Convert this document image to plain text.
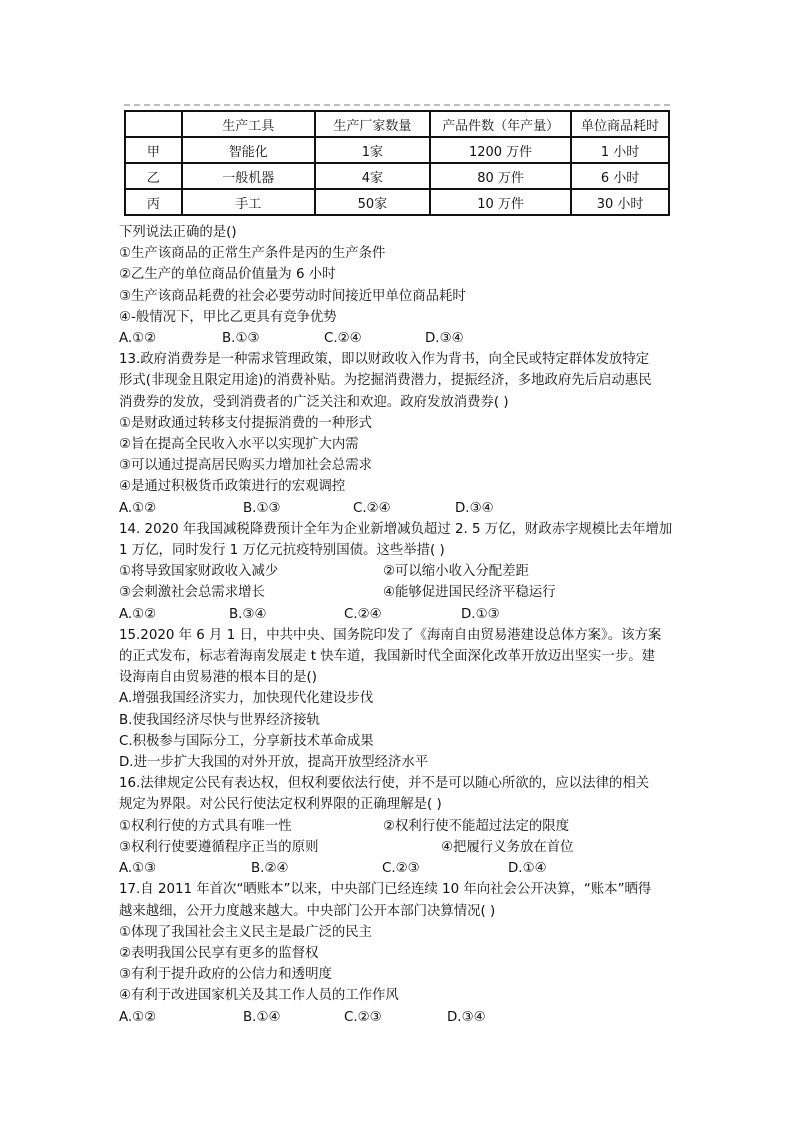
	生产工具	生产厂家数量	产品件数（年产量）	单位商品耗时
甲	智能化	1家	1200 万件	1 小时
乙	一般机器	4家	80 万件	6 小时
丙	手工	50家	10 万件	30 小时
下列说法正确的是()
①生产该商品的正常生产条件是丙的生产条件
②乙生产的单位商品价值量为 6 小时
③生产该商品耗费的社会必要劳动时间接近甲单位商品耗时
④-般情况下，甲比乙更具有竞争优势
A.①②	B.①③	C.②④	D.③④
13.政府消费券是一种需求管理政策，即以财政收入作为背书，向全民或特定群体发放特定
形式(非现金且限定用途)的消费补贴。为挖掘消费潜力，提振经济，多地政府先后启动惠民
消费券的发放，受到消费者的广泛关注和欢迎。政府发放消费券( )
①是财政通过转移支付提振消费的一种形式
②旨在提高全民收入水平以实现扩大内需
③可以通过提高居民购买力增加社会总需求
④是通过积极货币政策进行的宏观调控
A.①②	B.①③	C.②④	D.③④
14. 2020 年我国减税降费预计全年为企业新增减负超过 2. 5 万亿，财政赤字规模比去年增加
1 万亿，同时发行 1 万亿元抗疫特别国债。这些举措( )
①将导致国家财政收入减少	②可以缩小收入分配差距
③会刺激社会总需求增长	④能够促进国民经济平稳运行
A.①②	B.③④	C.②④	D.①③
15.2020 年 6 月 1 日，中共中央、国务院印发了《海南自由贸易港建设总体方案》。该方案
的正式发布，标志着海南发展走 t 快车道，我国新时代全面深化改革开放迈出坚实一步。建
设海南自由贸易港的根本目的是()
A.增强我国经济实力，加快现代化建设步伐
B.使我国经济尽快与世界经济接轨
C.积极参与国际分工，分享新技术革命成果
D.进一步扩大我国的对外开放，提高开放型经济水平
16.法律规定公民有表达权，但权利要依法行使，并不是可以随心所欲的，应以法律的相关
规定为界限。对公民行使法定权利界限的正确理解是( )
①权利行使的方式具有唯一性	②权利行使不能超过法定的限度
③权利行使要遵循程序正当的原则	④把履行义务放在首位
A.①③	B.②④	C.②③	D.①④
17.自 2011 年首次“晒账本”以来，中央部门已经连续 10 年向社会公开决算，“账本”晒得
越来越细，公开力度越来越大。中央部门公开本部门决算情况( )
①体现了我国社会主义民主是最广泛的民主
②表明我国公民享有更多的监督权
③有利于提升政府的公信力和透明度
④有利于改进国家机关及其工作人员的工作作风
A.①②	B.①④	C.②③	D.③④
